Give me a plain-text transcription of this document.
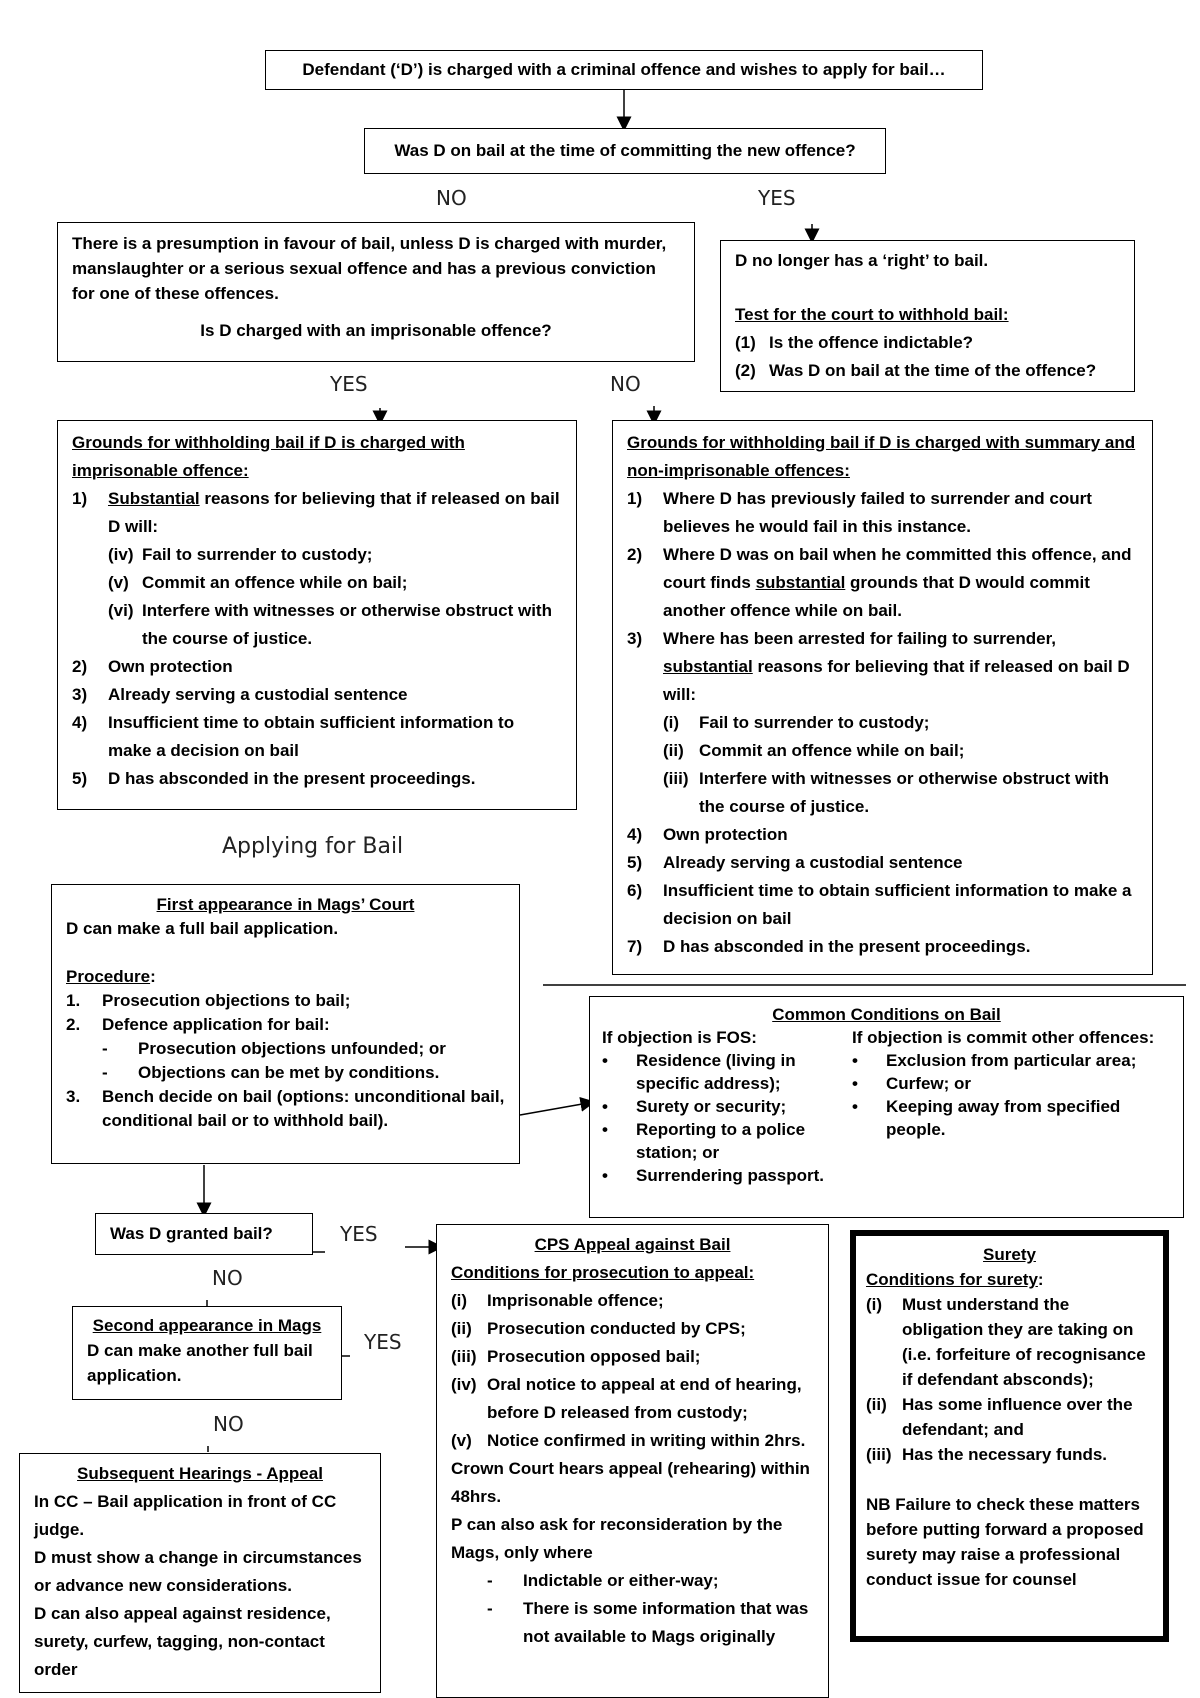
Defendant (‘D’) is charged with a criminal offence and wishes to apply for bail…
Was D on bail at the time of committing the new offence?
NO	YES
There is a presumption in favour of bail, unless D is charged with murder, manslaughter or a serious sexual offence and has a previous conviction for one of these offences.
Is D charged with an imprisonable offence?
D no longer has a ‘right’ to bail.
Test for the court to withhold bail:
(1) Is the offence indictable?
(2) Was D on bail at the time of the offence?
YES	NO
Grounds for withholding bail if D is charged with imprisonable offence:
1)	Substantial reasons for believing that if released on bail D will:
(iv) Fail to surrender to custody;
(v) Commit an offence while on bail;
(vi) Interfere with witnesses or otherwise obstruct with the course of justice.
2)	Own protection
3)	Already serving a custodial sentence
4)	Insufficient time to obtain sufficient information to make a decision on bail
5)	D has absconded in the present proceedings.
Grounds for withholding bail if D is charged with summary and non-imprisonable offences:
1)	Where D has previously failed to surrender and court believes he would fail in this instance.
2)	Where D was on bail when he committed this offence, and court finds substantial grounds that D would commit another offence while on bail.
3)	Where has been arrested for failing to surrender, substantial reasons for believing that if released on bail D will:
(i)	Fail to surrender to custody;
(ii) Commit an offence while on bail;
(iii) Interfere with witnesses or otherwise obstruct with the course of justice.
4)	Own protection
5)	Already serving a custodial sentence
6)	Insufficient time to obtain sufficient information to make a decision on bail
7)	D has absconded in the present proceedings.
Applying for Bail
First appearance in Mags’ Court
D can make a full bail application.
Procedure:
1.	Prosecution objections to bail;
2.	Defence application for bail:
-	Prosecution objections unfounded; or
-	Objections can be met by conditions.
3.	Bench decide on bail (options: unconditional bail, conditional bail or to withhold bail).
Common Conditions on Bail
If objection is FOS:
•	Residence (living in specific address);
•	Surety or security;
•	Reporting to a police station; or
•	Surrendering passport.
If objection is commit other offences:
•	Exclusion from particular area;
•	Curfew; or
•	Keeping away from specified people.
Was D granted bail?	YES
NO
Second appearance in Mags
D can make another full bail application.
YES
NO
Subsequent Hearings - Appeal
In CC – Bail application in front of CC judge.
D must show a change in circumstances or advance new considerations.
D can also appeal against residence, surety, curfew, tagging, non-contact order
CPS Appeal against Bail
Conditions for prosecution to appeal:
(i)	Imprisonable offence;
(ii) Prosecution conducted by CPS;
(iii) Prosecution opposed bail;
(iv) Oral notice to appeal at end of hearing, before D released from custody;
(v) Notice confirmed in writing within 2hrs.
Crown Court hears appeal (rehearing) within 48hrs.
P can also ask for reconsideration by the Mags, only where
-	Indictable or either-way;
-	There is some information that was not available to Mags originally
Surety
Conditions for surety:
(i)	Must understand the obligation they are taking on (i.e. forfeiture of recognisance if defendant absconds);
(ii) Has some influence over the defendant; and
(iii) Has the necessary funds.
NB Failure to check these matters before putting forward a proposed surety may raise a professional conduct issue for counsel
